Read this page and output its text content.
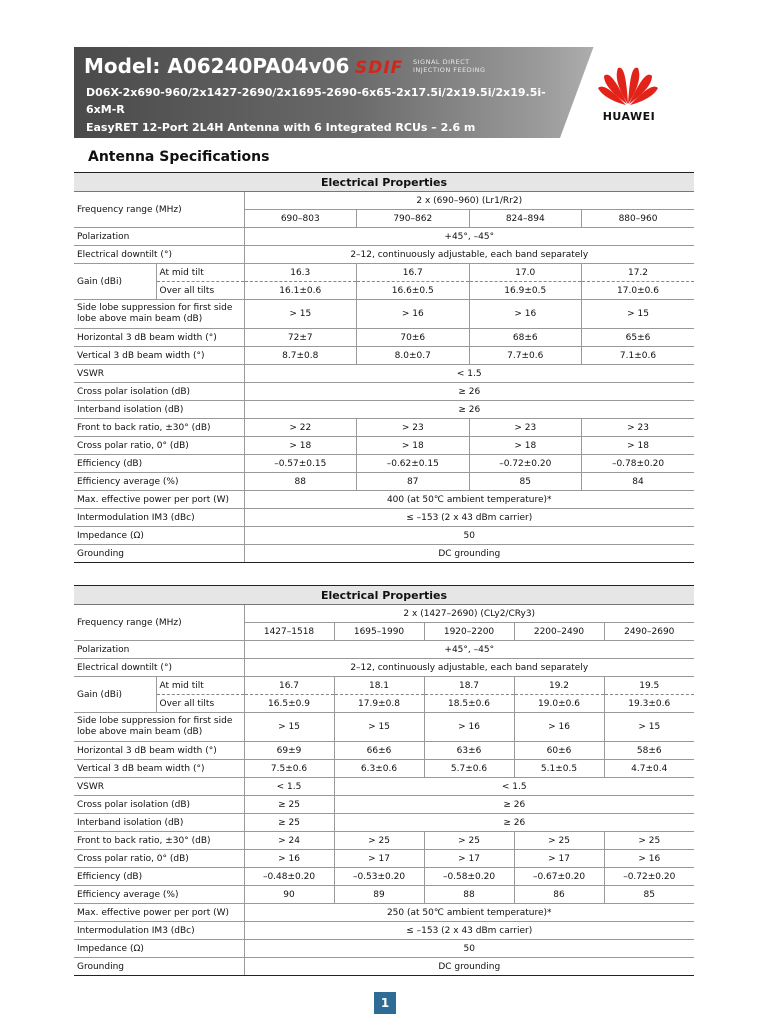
Model: A06240PA04v06 SDIF SIGNAL DIRECT
INJECTION FEEDING
D06X-2x690-960/2x1427-2690/2x1695-2690-6x65-2x17.5i/2x19.5i/2x19.5i-6xM-R
EasyRET 12-Port 2L4H Antenna with 6 Integrated RCUs – 2.6 m
HUAWEI
Antenna Specifications
Electrical Properties					
Frequency range (MHz)		2 x (690–960) (Lr1/Rr2)			
		690–803	790–862	824–894	880–960
Polarization		+45°, –45°			
Electrical downtilt (°)		2–12, continuously adjustable, each band separately			
Gain (dBi)	At mid tilt	16.3	16.7	17.0	17.2
	Over all tilts	16.1±0.6	16.6±0.5	16.9±0.5	17.0±0.6
Side lobe suppression for first side lobe above main beam (dB)		> 15	> 16	> 16	> 15
Horizontal 3 dB beam width (°)		72±7	70±6	68±6	65±6
Vertical 3 dB beam width (°)		8.7±0.8	8.0±0.7	7.7±0.6	7.1±0.6
VSWR		< 1.5			
Cross polar isolation (dB)		≥ 26			
Interband isolation (dB)		≥ 26			
Front to back ratio, ±30° (dB)		> 22	> 23	> 23	> 23
Cross polar ratio, 0° (dB)		> 18	> 18	> 18	> 18
Efficiency (dB)		–0.57±0.15	–0.62±0.15	–0.72±0.20	–0.78±0.20
Efficiency average (%)		88	87	85	84
Max. effective power per port (W)		400 (at 50℃ ambient temperature)*			
Intermodulation IM3 (dBc)		≤ –153 (2 x 43 dBm carrier)			
Impedance (Ω)		50			
Grounding		DC grounding			
Electrical Properties						
Frequency range (MHz)		2 x (1427–2690) (CLy2/CRy3)				
		1427–1518	1695–1990	1920–2200	2200–2490	2490–2690
Polarization		+45°, –45°				
Electrical downtilt (°)		2–12, continuously adjustable, each band separately				
Gain (dBi)	At mid tilt	16.7	18.1	18.7	19.2	19.5
	Over all tilts	16.5±0.9	17.9±0.8	18.5±0.6	19.0±0.6	19.3±0.6
Side lobe suppression for first side lobe above main beam (dB)		> 15	> 15	> 16	> 16	> 15
Horizontal 3 dB beam width (°)		69±9	66±6	63±6	60±6	58±6
Vertical 3 dB beam width (°)		7.5±0.6	6.3±0.6	5.7±0.6	5.1±0.5	4.7±0.4
VSWR		< 1.5	< 1.5			
Cross polar isolation (dB)		≥ 25	≥ 26			
Interband isolation (dB)		≥ 25	≥ 26			
Front to back ratio, ±30° (dB)		> 24	> 25	> 25	> 25	> 25
Cross polar ratio, 0° (dB)		> 16	> 17	> 17	> 17	> 16
Efficiency (dB)		–0.48±0.20	–0.53±0.20	–0.58±0.20	–0.67±0.20	–0.72±0.20
Efficiency average (%)		90	89	88	86	85
Max. effective power per port (W)		250 (at 50℃ ambient temperature)*				
Intermodulation IM3 (dBc)		≤ –153 (2 x 43 dBm carrier)				
Impedance (Ω)		50				
Grounding		DC grounding				
1
